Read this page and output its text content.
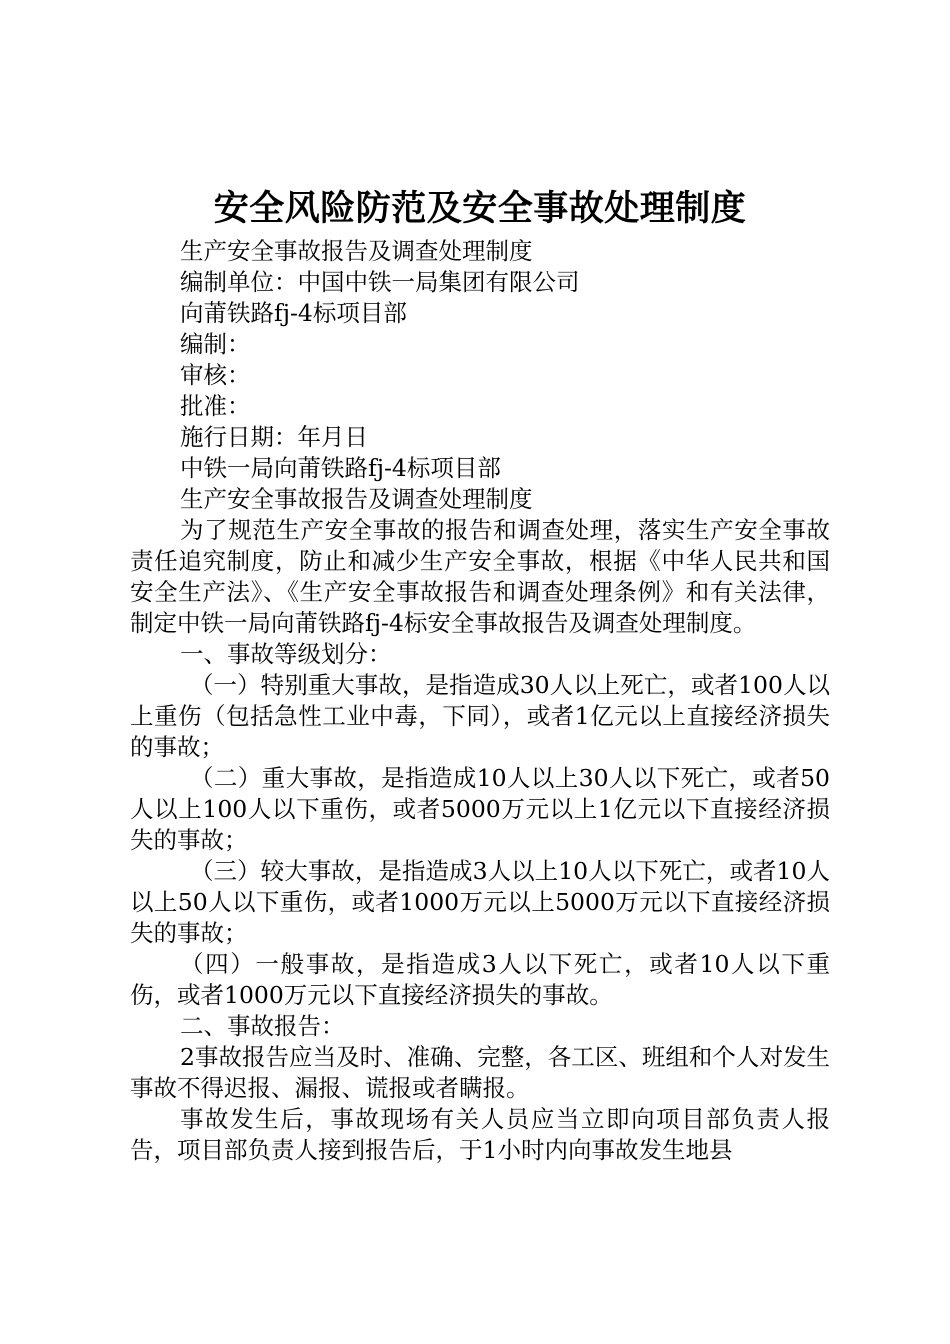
安全风险防范及安全事故处理制度

生产安全事故报告及调查处理制度

编制单位：中国中铁一局集团有限公司

向莆铁路fj-4标项目部

编制：

审核：

批准：

施行日期：年月日

中铁一局向莆铁路fj-4标项目部

生产安全事故报告及调查处理制度

为了规范生产安全事故的报告和调查处理，落实生产安全事故责任追究制度，防止和减少生产安全事故，根据《中华人民共和国安全生产法》、《生产安全事故报告和调查处理条例》和有关法律，制定中铁一局向莆铁路fj-4标安全事故报告及调查处理制度。

一、事故等级划分：

（一）特别重大事故，是指造成30人以上死亡，或者100人以上重伤（包括急性工业中毒，下同），或者1亿元以上直接经济损失的事故；

（二）重大事故，是指造成10人以上30人以下死亡，或者50人以上100人以下重伤，或者5000万元以上1亿元以下直接经济损失的事故；

（三）较大事故，是指造成3人以上10人以下死亡，或者10人以上50人以下重伤，或者1000万元以上5000万元以下直接经济损失的事故；

（四）一般事故，是指造成3人以下死亡，或者10人以下重伤，或者1000万元以下直接经济损失的事故。

二、事故报告：

2事故报告应当及时、准确、完整，各工区、班组和个人对发生事故不得迟报、漏报、谎报或者瞒报。

事故发生后，事故现场有关人员应当立即向项目部负责人报告，项目部负责人接到报告后，于1小时内向事故发生地县
